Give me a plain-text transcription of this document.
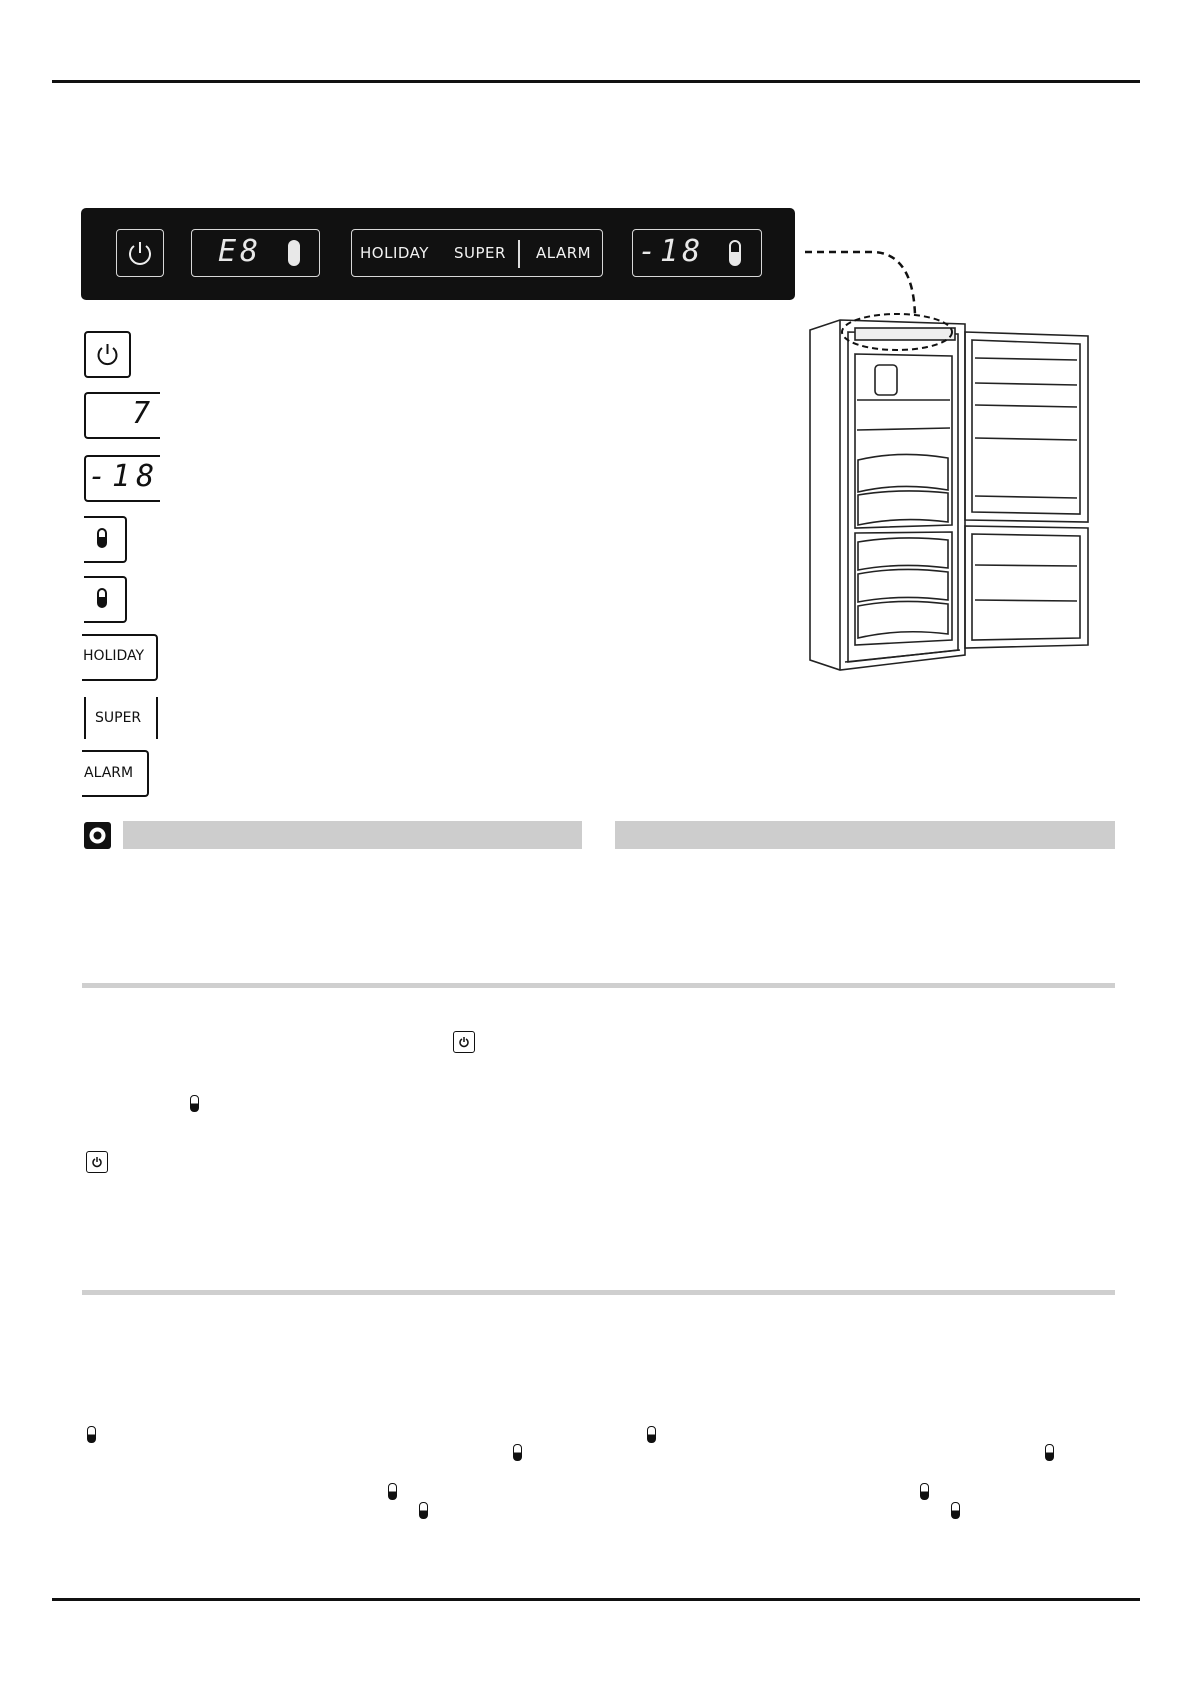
E8	HOLIDAY SUPER ALARM -18
7
-18
HOLIDAY
SUPER
ALARM
